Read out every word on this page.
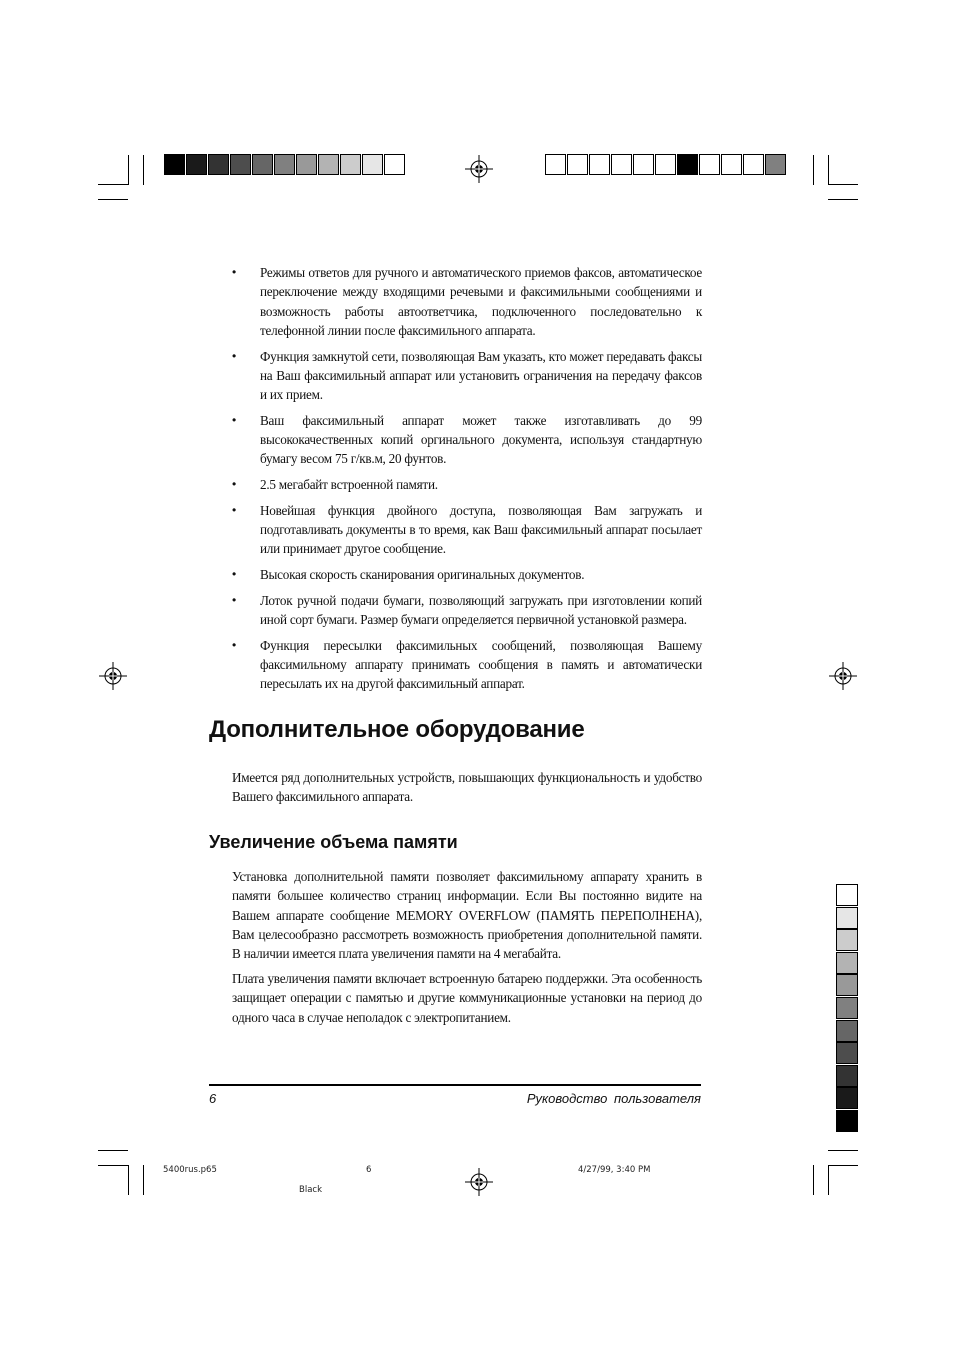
• Режимы ответов для ручного и автоматического приемов факсов, автоматическое переключение между входящими речевыми и факсимильными сообщениями и возможность работы автоответчика, подключенного последовательно к телефонной линии после факсимильного аппарата.
• Функция замкнутой сети, позволяющая Вам указать, кто может передавать факсы на Ваш факсимильный аппарат или установить ограничения на передачу факсов и их прием.
• Ваш факсимильный аппарат может также изготавливать до 99 высококачественных копий оргинального документа, используя стандартную бумагу весом 75 г/кв.м, 20 фунтов.
• 2.5 мегабайт встроенной памяти.
• Новейшая функция двойного доступа, позволяющая Вам загружать и подготавливать документы в то время, как Ваш факсимильный аппарат посылает или принимает другое сообщение.
• Высокая скорость сканирования оригинальных документов.
• Лоток ручной подачи бумаги, позволяющий загружать при изготовлении копий иной сорт бумаги. Размер бумаги определяется первичной установкой размера.
• Функция пересылки факсимильных сообщений, позволяющая Вашему факсимильному аппарату принимать сообщения в память и автоматически пересылать их на другой факсимильный аппарат.
Дополнительное оборудование

Имеется ряд дополнительных устройств, повышающих функциональность и удобство Вашего факсимильного аппарата.

Увеличение объема памяти

Установка дополнительной памяти позволяет факсимильному аппарату хранить в памяти большее количество страниц информации. Если Вы постоянно видите на Вашем аппарате сообщение MEMORY OVERFLOW (ПАМЯТЬ ПЕРЕПОЛНЕНА), Вам целесообразно рассмотреть возможность приобретения дополнительной памяти. В наличии имеется плата увеличения памяти на 4 мегабайта.

Плата увеличения памяти включает встроенную батарею поддержки. Эта особенность защищает операции с памятью и другие коммуникационные установки на период до одного часа в случае неполадок с электропитанием.

6	Руководство пользователя
5400rus.p65	6	4/27/99, 3:40 PM
Black
